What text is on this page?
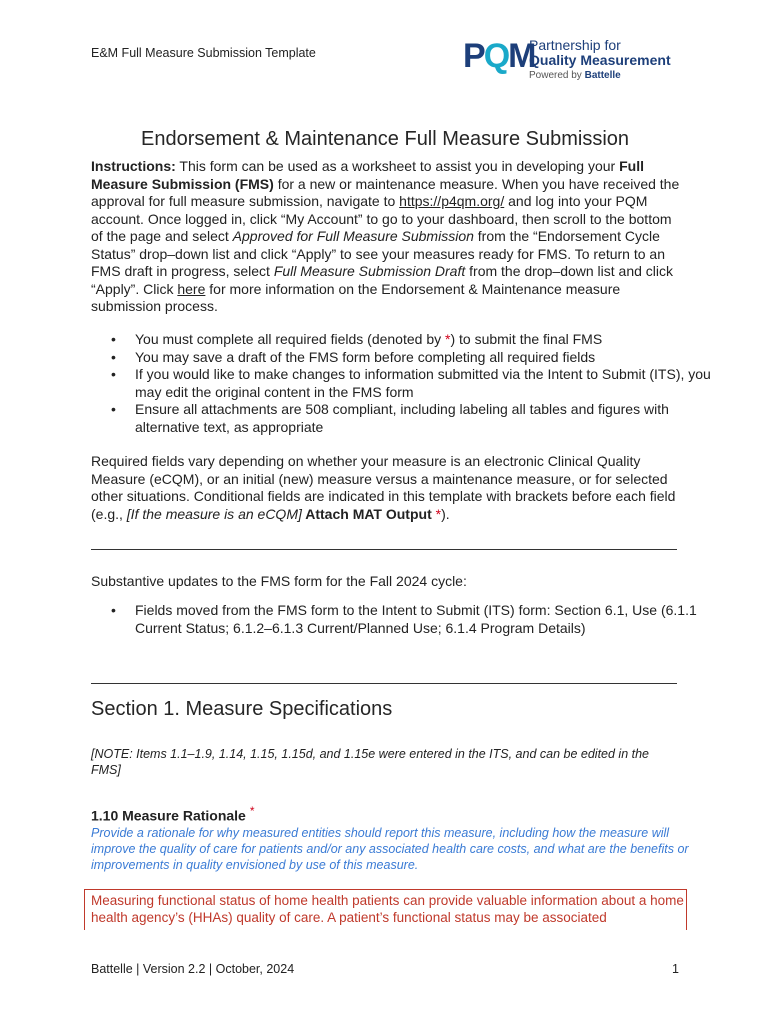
E&M Full Measure Submission Template	PQM
Partnership for
Quality Measurement
Powered by Battelle
Endorsement & Maintenance Full Measure Submission
Instructions: This form can be used as a worksheet to assist you in developing your Full Measure Submission (FMS) for a new or maintenance measure. When you have received the approval for full measure submission, navigate to https://p4qm.org/ and log into your PQM account. Once logged in, click “My Account” to go to your dashboard, then scroll to the bottom of the page and select Approved for Full Measure Submission from the “Endorsement Cycle Status” drop–down list and click “Apply” to see your measures ready for FMS. To return to an FMS draft in progress, select Full Measure Submission Draft from the drop–down list and click “Apply”. Click here for more information on the Endorsement & Maintenance measure submission process.
• You must complete all required fields (denoted by *) to submit the final FMS
• You may save a draft of the FMS form before completing all required fields
• If you would like to make changes to information submitted via the Intent to Submit (ITS), you may edit the original content in the FMS form
• Ensure all attachments are 508 compliant, including labeling all tables and figures with alternative text, as appropriate
Required fields vary depending on whether your measure is an electronic Clinical Quality Measure (eCQM), or an initial (new) measure versus a maintenance measure, or for selected other situations. Conditional fields are indicated in this template with brackets before each field (e.g., [If the measure is an eCQM] Attach MAT Output *).
Substantive updates to the FMS form for the Fall 2024 cycle:
• Fields moved from the FMS form to the Intent to Submit (ITS) form: Section 6.1, Use (6.1.1 Current Status; 6.1.2–6.1.3 Current/Planned Use; 6.1.4 Program Details)
Section 1. Measure Specifications
[NOTE: Items 1.1–1.9, 1.14, 1.15, 1.15d, and 1.15e were entered in the ITS, and can be edited in the FMS]
1.10 Measure Rationale *
Provide a rationale for why measured entities should report this measure, including how the measure will improve the quality of care for patients and/or any associated health care costs, and what are the benefits or improvements in quality envisioned by use of this measure.
Measuring functional status of home health patients can provide valuable information about a home health agency’s (HHAs) quality of care. A patient’s functional status may be associated
Battelle | Version 2.2 | October, 2024	1
